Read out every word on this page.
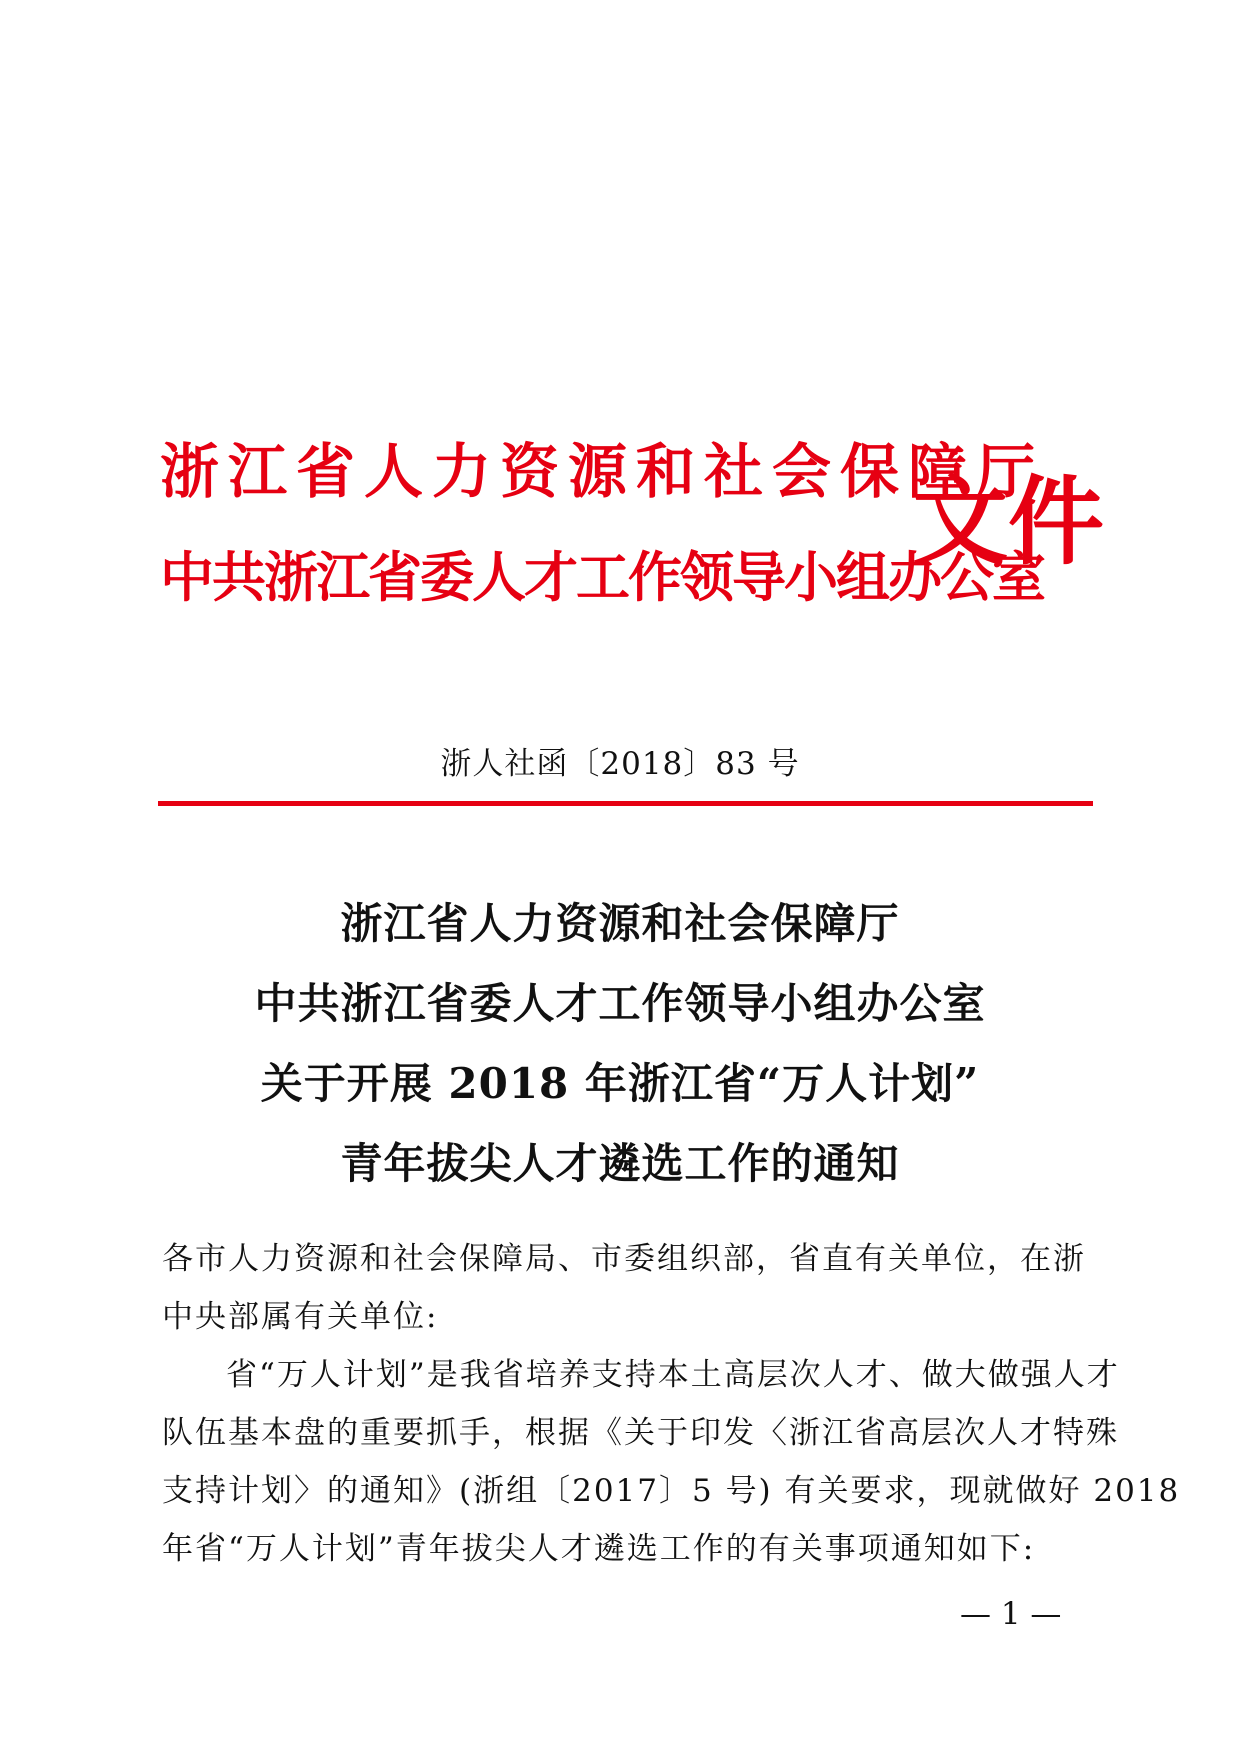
浙江省人力资源和社会保障厅
中共浙江省委人才工作领导小组办公室
文件
浙人社函〔2018〕83 号
浙江省人力资源和社会保障厅
中共浙江省委人才工作领导小组办公室
关于开展 2018 年浙江省“万人计划”
青年拔尖人才遴选工作的通知
各市人力资源和社会保障局、市委组织部，省直有关单位，在浙
中央部属有关单位:
省“万人计划”是我省培养支持本土高层次人才、做大做强人才
队伍基本盘的重要抓手，根据《关于印发〈浙江省高层次人才特殊
支持计划〉的通知》(浙组〔2017〕5 号) 有关要求，现就做好 2018
年省“万人计划”青年拔尖人才遴选工作的有关事项通知如下:
— 1 —
